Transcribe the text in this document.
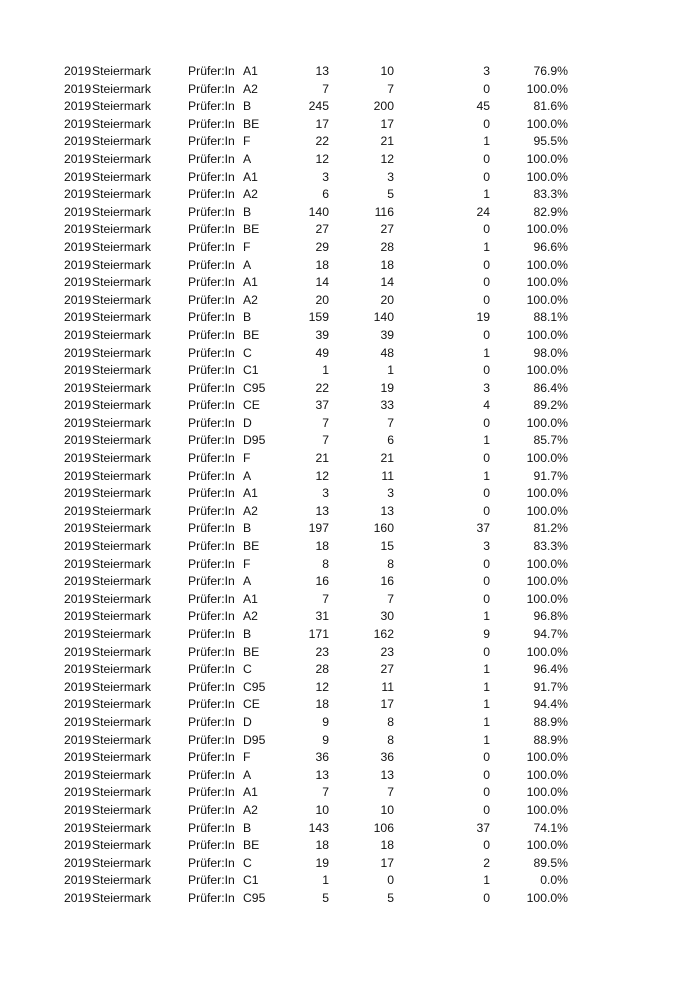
2019 Steiermark	Prüfer:In A1	13	10	3	76.9%
2019 Steiermark	Prüfer:In A2	7	7	0	100.0%
2019 Steiermark	Prüfer:In B	245	200	45	81.6%
2019 Steiermark	Prüfer:In BE	17	17	0	100.0%
2019 Steiermark	Prüfer:In F	22	21	1	95.5%
2019 Steiermark	Prüfer:In A	12	12	0	100.0%
2019 Steiermark	Prüfer:In A1	3	3	0	100.0%
2019 Steiermark	Prüfer:In A2	6	5	1	83.3%
2019 Steiermark	Prüfer:In B	140	116	24	82.9%
2019 Steiermark	Prüfer:In BE	27	27	0	100.0%
2019 Steiermark	Prüfer:In F	29	28	1	96.6%
2019 Steiermark	Prüfer:In A	18	18	0	100.0%
2019 Steiermark	Prüfer:In A1	14	14	0	100.0%
2019 Steiermark	Prüfer:In A2	20	20	0	100.0%
2019 Steiermark	Prüfer:In B	159	140	19	88.1%
2019 Steiermark	Prüfer:In BE	39	39	0	100.0%
2019 Steiermark	Prüfer:In C	49	48	1	98.0%
2019 Steiermark	Prüfer:In C1	1	1	0	100.0%
2019 Steiermark	Prüfer:In C95	22	19	3	86.4%
2019 Steiermark	Prüfer:In CE	37	33	4	89.2%
2019 Steiermark	Prüfer:In D	7	7	0	100.0%
2019 Steiermark	Prüfer:In D95	7	6	1	85.7%
2019 Steiermark	Prüfer:In F	21	21	0	100.0%
2019 Steiermark	Prüfer:In A	12	11	1	91.7%
2019 Steiermark	Prüfer:In A1	3	3	0	100.0%
2019 Steiermark	Prüfer:In A2	13	13	0	100.0%
2019 Steiermark	Prüfer:In B	197	160	37	81.2%
2019 Steiermark	Prüfer:In BE	18	15	3	83.3%
2019 Steiermark	Prüfer:In F	8	8	0	100.0%
2019 Steiermark	Prüfer:In A	16	16	0	100.0%
2019 Steiermark	Prüfer:In A1	7	7	0	100.0%
2019 Steiermark	Prüfer:In A2	31	30	1	96.8%
2019 Steiermark	Prüfer:In B	171	162	9	94.7%
2019 Steiermark	Prüfer:In BE	23	23	0	100.0%
2019 Steiermark	Prüfer:In C	28	27	1	96.4%
2019 Steiermark	Prüfer:In C95	12	11	1	91.7%
2019 Steiermark	Prüfer:In CE	18	17	1	94.4%
2019 Steiermark	Prüfer:In D	9	8	1	88.9%
2019 Steiermark	Prüfer:In D95	9	8	1	88.9%
2019 Steiermark	Prüfer:In F	36	36	0	100.0%
2019 Steiermark	Prüfer:In A	13	13	0	100.0%
2019 Steiermark	Prüfer:In A1	7	7	0	100.0%
2019 Steiermark	Prüfer:In A2	10	10	0	100.0%
2019 Steiermark	Prüfer:In B	143	106	37	74.1%
2019 Steiermark	Prüfer:In BE	18	18	0	100.0%
2019 Steiermark	Prüfer:In C	19	17	2	89.5%
2019 Steiermark	Prüfer:In C1	1	0	1	0.0%
2019 Steiermark	Prüfer:In C95	5	5	0	100.0%
